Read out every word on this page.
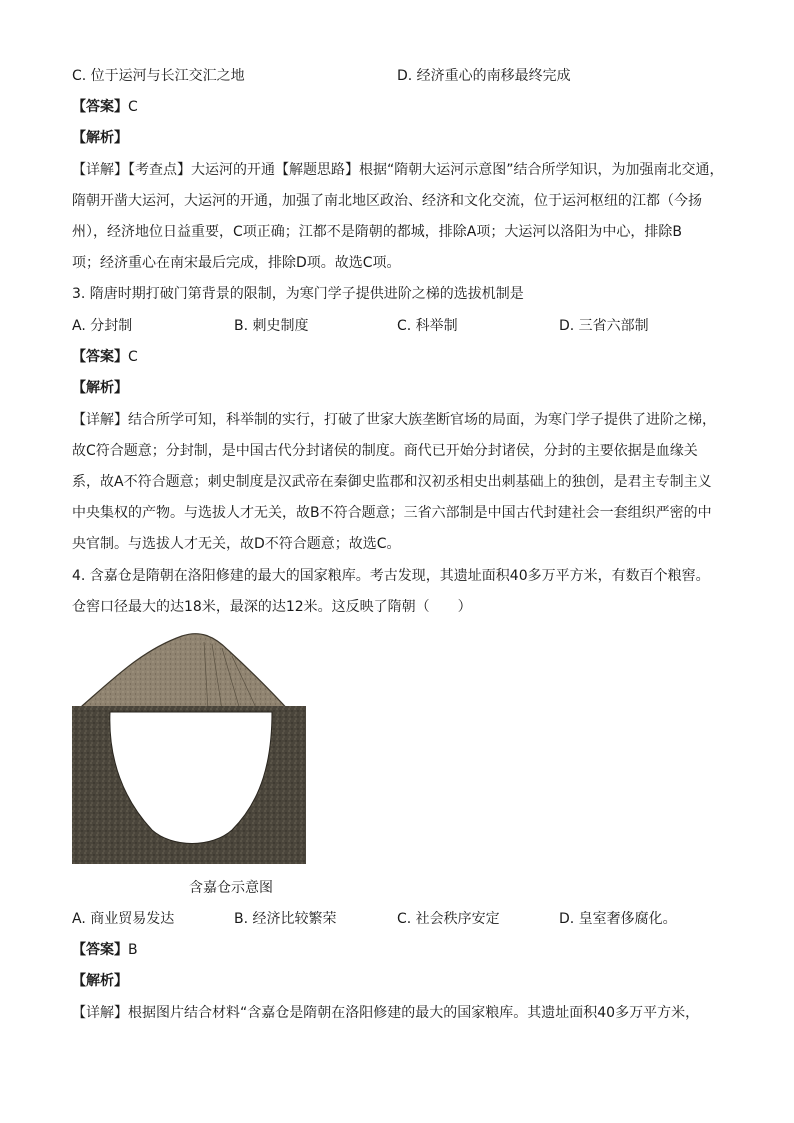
C. 位于运河与长江交汇之地	D. 经济重心的南移最终完成
【答案】C
【解析】
【详解】【考查点】大运河的开通【解题思路】根据“隋朝大运河示意图”结合所学知识，为加强南北交通，
隋朝开凿大运河，大运河的开通，加强了南北地区政治、经济和文化交流，位于运河枢纽的江都（今扬
州），经济地位日益重要，C项正确；江都不是隋朝的都城，排除A项；大运河以洛阳为中心，排除B
项；经济重心在南宋最后完成，排除D项。故选C项。
3. 隋唐时期打破门第背景的限制，为寒门学子提供进阶之梯的选拔机制是
A. 分封制	B. 刺史制度	C. 科举制	D. 三省六部制
【答案】C
【解析】
【详解】结合所学可知，科举制的实行，打破了世家大族垄断官场的局面，为寒门学子提供了进阶之梯，
故C符合题意；分封制，是中国古代分封诸侯的制度。商代已开始分封诸侯，分封的主要依据是血缘关
系，故A不符合题意；刺史制度是汉武帝在秦御史监郡和汉初丞相史出刺基础上的独创，是君主专制主义
中央集权的产物。与选拔人才无关，故B不符合题意；三省六部制是中国古代封建社会一套组织严密的中
央官制。与选拔人才无关，故D不符合题意；故选C。
4. 含嘉仓是隋朝在洛阳修建的最大的国家粮库。考古发现，其遗址面积40多万平方米，有数百个粮窖。
仓窖口径最大的达18米，最深的达12米。这反映了隋朝（　　）
含嘉仓示意图
A. 商业贸易发达	B. 经济比较繁荣	C. 社会秩序安定	D. 皇室奢侈腐化。
【答案】B
【解析】
【详解】根据图片结合材料“含嘉仓是隋朝在洛阳修建的最大的国家粮库。其遗址面积40多万平方米，
